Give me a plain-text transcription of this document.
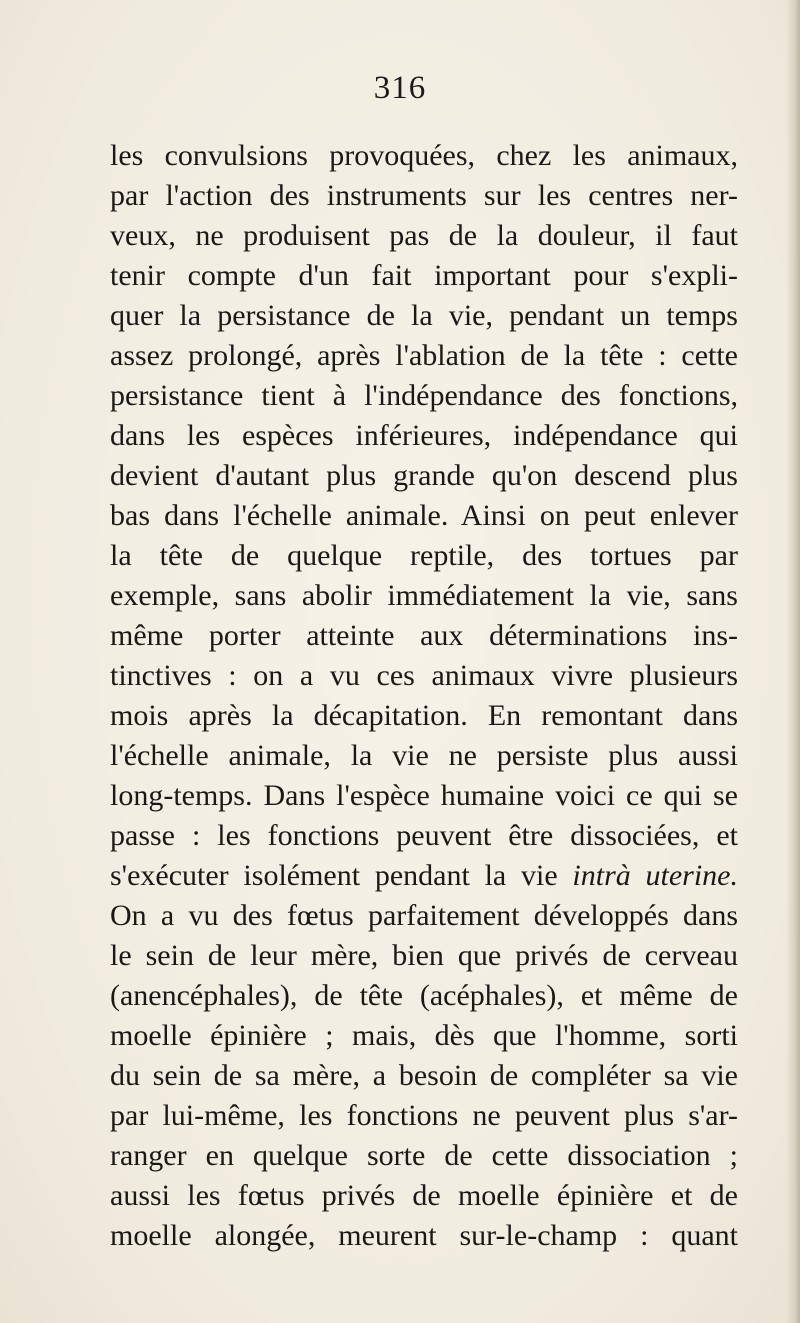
316
les convulsions provoquées, chez les animaux,
par l'action des instruments sur les centres ner-
veux, ne produisent pas de la douleur, il faut
tenir compte d'un fait important pour s'expli-
quer la persistance de la vie, pendant un temps
assez prolongé, après l'ablation de la tête : cette
persistance tient à l'indépendance des fonctions,
dans les espèces inférieures, indépendance qui
devient d'autant plus grande qu'on descend plus
bas dans l'échelle animale. Ainsi on peut enlever
la tête de quelque reptile, des tortues par
exemple, sans abolir immédiatement la vie, sans
même porter atteinte aux déterminations ins-
tinctives : on a vu ces animaux vivre plusieurs
mois après la décapitation. En remontant dans
l'échelle animale, la vie ne persiste plus aussi
long-temps. Dans l'espèce humaine voici ce qui se
passe : les fonctions peuvent être dissociées, et
s'exécuter isolément pendant la vie intrà uterine.
On a vu des fœtus parfaitement développés dans
le sein de leur mère, bien que privés de cerveau
(anencéphales), de tête (acéphales), et même de
moelle épinière ; mais, dès que l'homme, sorti
du sein de sa mère, a besoin de compléter sa vie
par lui-même, les fonctions ne peuvent plus s'ar-
ranger en quelque sorte de cette dissociation ;
aussi les fœtus privés de moelle épinière et de
moelle alongée, meurent sur-le-champ : quant
